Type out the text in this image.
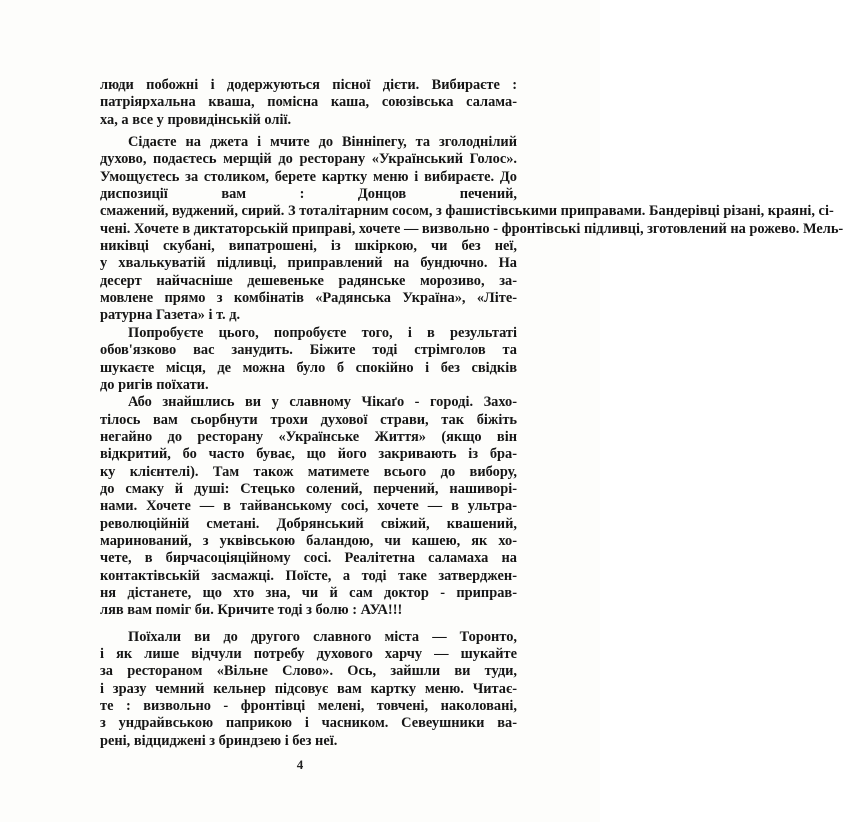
люди побожні і додержуються пісної дієти. Вибираєте :
патріярхальна кваша, помісна каша, союзівська салама-
ха, а все у провидінській олії.

Сідаєте на джета і мчите до Вінніпегу, та зголоднілий духово, подаєтесь мерщій до ресторану «Український Голос». Умощуєтесь за столиком, берете картку меню і вибираєте. До диспозиції вам : Донцов печений,
смажений, вуджений, сирий. З тоталітарним сосом, з фашистівськими приправами. Бандерівці різані, краяні, сі-
чені. Хочете в диктаторській приправі, хочете — визвольно - фронтівські підливці, зготовлений на рожево. Мель-
никівці скубані, випатрошені, із шкіркою, чи без неї,
у хвалькуватій підливці, приправлений на бундючно. На
десерт найчасніше дешевеньке радянське морозиво, за-
мовлене прямо з комбінатів «Радянська Україна», «Літе-
ратурна Газета» і т. д.

Попробуєте цього, попробуєте того, і в результаті
обов'язково вас занудить. Біжите тоді стрімголов та
шукаєте місця, де можна було б спокійно і без свідків
до ригів поїхати.

Або знайшлись ви у славному Чікаґо - городі. Захо-
тілось вам сьорбнути трохи духової страви, так біжіть
негайно до ресторану «Українське Життя» (якщо він
відкритий, бо часто буває, що його закривають із бра-
ку клієнтелі). Там також матимете всього до вибору,
до смаку й душі: Стецько солений, перчений, нашиворі-
нами. Хочете — в тайванському сосі, хочете — в ультра-
революційній сметані. Добрянський свіжий, квашений,
маринований, з уквівською баландою, чи кашею, як хо-
чете, в бирчасоціяційному сосі. Реалітетна саламаха на
контактівській засмажці. Поїсте, а тоді таке затверджен-
ня дістанете, що хто зна, чи й сам доктор - приправ-
ляв вам поміг би. Кричите тоді з болю : АУА!!!

Поїхали ви до другого славного міста — Торонто,
і як лише відчули потребу духового харчу — шукайте
за рестораном «Вільне Слово». Ось, зайшли ви туди,
і зразу чемний кельнер підсовує вам картку меню. Читає-
те : визвольно - фронтівці мелені, товчені, наколовані,
з ундрайвською паприкою і часником. Севеушники ва-
рені, відциджені з бриндзею і без неї.

4
